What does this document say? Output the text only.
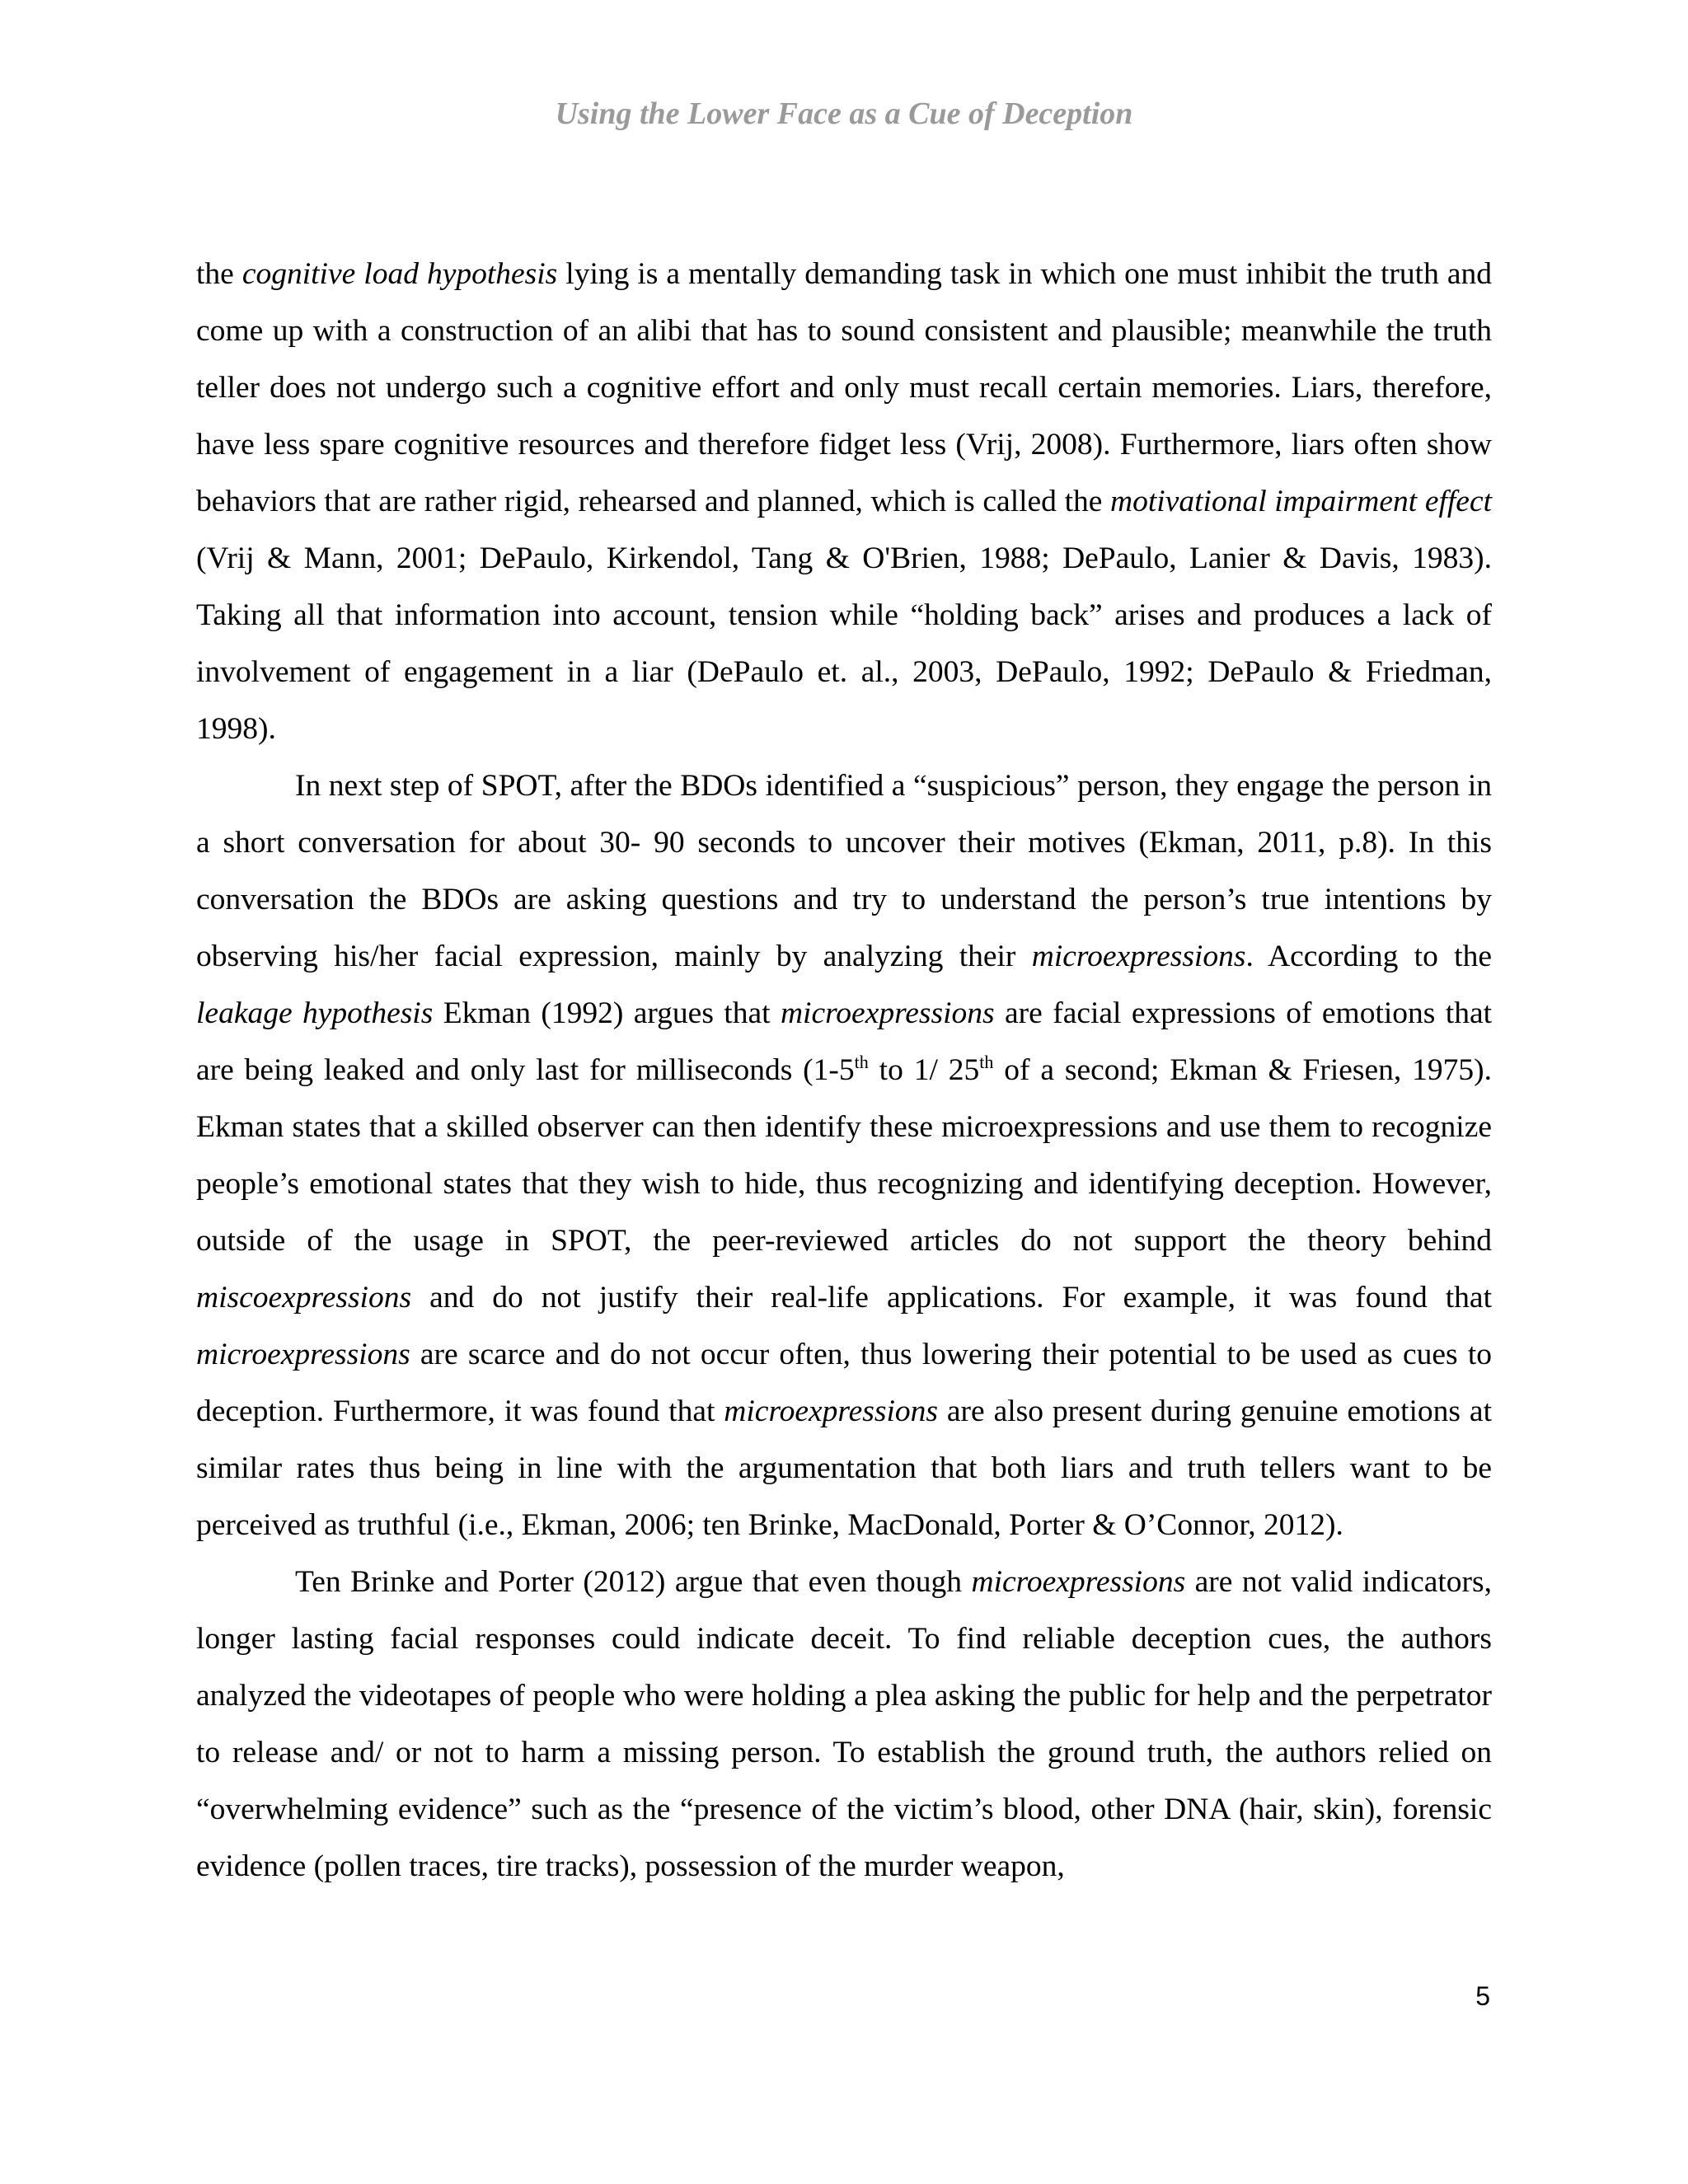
Using the Lower Face as a Cue of Deception

the cognitive load hypothesis lying is a mentally demanding task in which one must inhibit the truth and come up with a construction of an alibi that has to sound consistent and plausible; meanwhile the truth teller does not undergo such a cognitive effort and only must recall certain memories. Liars, therefore, have less spare cognitive resources and therefore fidget less (Vrij, 2008). Furthermore, liars often show behaviors that are rather rigid, rehearsed and planned, which is called the motivational impairment effect (Vrij & Mann, 2001; DePaulo, Kirkendol, Tang & O'Brien, 1988; DePaulo, Lanier & Davis, 1983). Taking all that information into account, tension while “holding back” arises and produces a lack of involvement of engagement in a liar (DePaulo et. al., 2003, DePaulo, 1992; DePaulo & Friedman, 1998).

In next step of SPOT, after the BDOs identified a “suspicious” person, they engage the person in a short conversation for about 30- 90 seconds to uncover their motives (Ekman, 2011, p.8). In this conversation the BDOs are asking questions and try to understand the person’s true intentions by observing his/her facial expression, mainly by analyzing their microexpressions. According to the leakage hypothesis Ekman (1992) argues that microexpressions are facial expressions of emotions that are being leaked and only last for milliseconds (1-5th to 1/ 25th of a second; Ekman & Friesen, 1975). Ekman states that a skilled observer can then identify these microexpressions and use them to recognize people’s emotional states that they wish to hide, thus recognizing and identifying deception. However, outside of the usage in SPOT, the peer-reviewed articles do not support the theory behind miscoexpressions and do not justify their real-life applications. For example, it was found that microexpressions are scarce and do not occur often, thus lowering their potential to be used as cues to deception. Furthermore, it was found that microexpressions are also present during genuine emotions at similar rates thus being in line with the argumentation that both liars and truth tellers want to be perceived as truthful (i.e., Ekman, 2006; ten Brinke, MacDonald, Porter & O’Connor, 2012).

Ten Brinke and Porter (2012) argue that even though microexpressions are not valid indicators, longer lasting facial responses could indicate deceit. To find reliable deception cues, the authors analyzed the videotapes of people who were holding a plea asking the public for help and the perpetrator to release and/ or not to harm a missing person. To establish the ground truth, the authors relied on “overwhelming evidence” such as the “presence of the victim’s blood, other DNA (hair, skin), forensic evidence (pollen traces, tire tracks), possession of the murder weapon,

5
